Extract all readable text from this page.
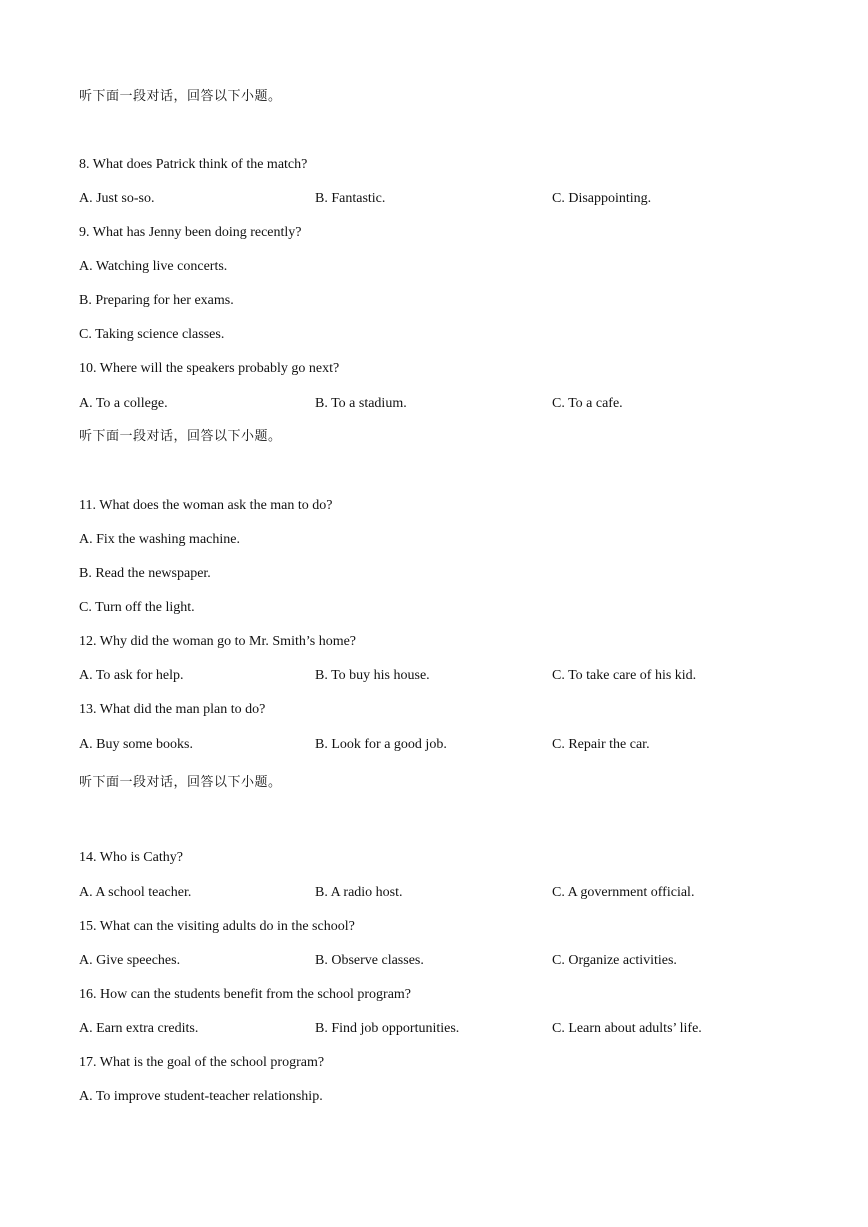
听下面一段对话，回答以下小题。
8. What does Patrick think of the match?
A. Just so-so.	B. Fantastic.	C. Disappointing.
9. What has Jenny been doing recently?
A. Watching live concerts.
B. Preparing for her exams.
C. Taking science classes.
10. Where will the speakers probably go next?
A. To a college.	B. To a stadium.	C. To a cafe.
听下面一段对话，回答以下小题。
11. What does the woman ask the man to do?
A. Fix the washing machine.
B. Read the newspaper.
C. Turn off the light.
12. Why did the woman go to Mr. Smith’s home?
A. To ask for help.	B. To buy his house.	C. To take care of his kid.
13. What did the man plan to do?
A. Buy some books.	B. Look for a good job.	C. Repair the car.
听下面一段对话，回答以下小题。
14. Who is Cathy?
A. A school teacher.	B. A radio host.	C. A government official.
15. What can the visiting adults do in the school?
A. Give speeches.	B. Observe classes.	C. Organize activities.
16. How can the students benefit from the school program?
A. Earn extra credits.	B. Find job opportunities.	C. Learn about adults’ life.
17. What is the goal of the school program?
A. To improve student-teacher relationship.
